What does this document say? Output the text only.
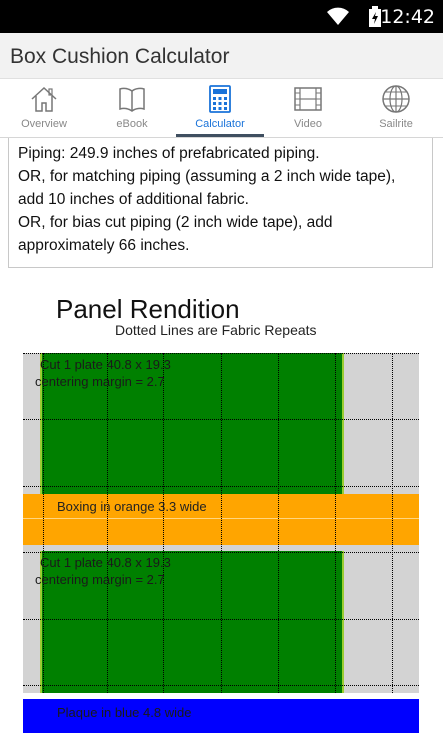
12:42
Box Cushion Calculator
Overview	eBook	Calculator	Video	Sailrite
Piping: 249.9 inches of prefabricated piping.
OR, for matching piping (assuming a 2 inch wide tape),
add 10 inches of additional fabric.
OR, for bias cut piping (2 inch wide tape), add
approximately 66 inches.
Panel Rendition
Dotted Lines are Fabric Repeats
Cut 1 plate 40.8 x 19.3
centering margin = 2.7
Boxing in orange 3.3 wide
Cut 1 plate 40.8 x 19.3
centering margin = 2.7
Plaque in blue 4.8 wide
